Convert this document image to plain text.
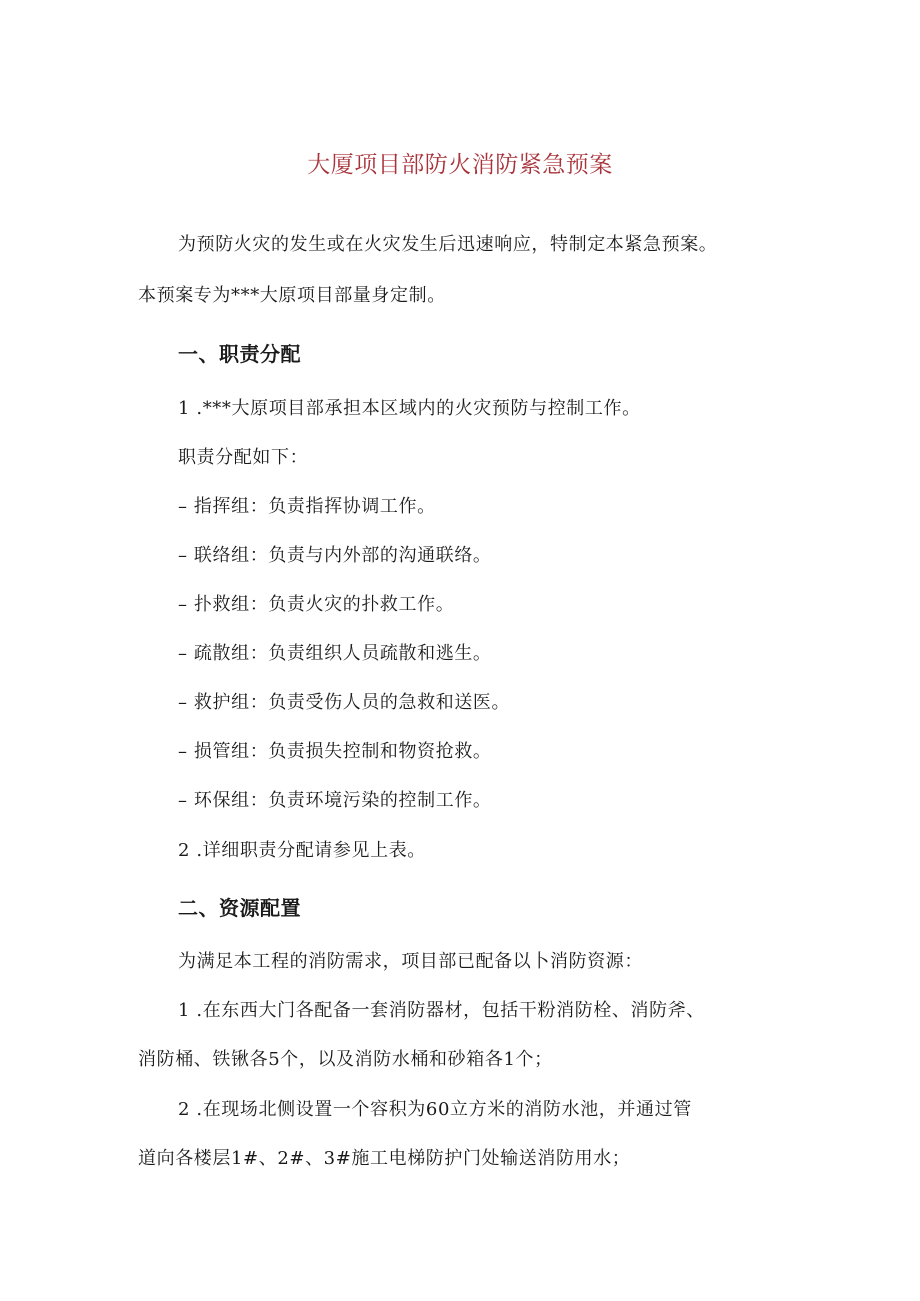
大厦项目部防火消防紧急预案
为预防火灾的发生或在火灾发生后迅速响应，特制定本紧急预案。
本预案专为***大原项目部量身定制。
一、职责分配
1 .***大原项目部承担本区域内的火灾预防与控制工作。
职责分配如下：
– 指挥组：负责指挥协调工作。
– 联络组：负责与内外部的沟通联络。
– 扑救组：负责火灾的扑救工作。
– 疏散组：负责组织人员疏散和逃生。
– 救护组：负责受伤人员的急救和送医。
– 损管组：负责损失控制和物资抢救。
– 环保组：负责环境污染的控制工作。
2 .详细职责分配请参见上表。
二、资源配置
为满足本工程的消防需求，项目部已配备以卜消防资源：
1 .在东西大门各配备一套消防器材，包括干粉消防栓、消防斧、
消防桶、铁锹各5个，以及消防水桶和砂箱各1个；
2 .在现场北侧设置一个容积为60立方米的消防水池，并通过管
道向各楼层1#、2#、3#施工电梯防护门处输送消防用水；
